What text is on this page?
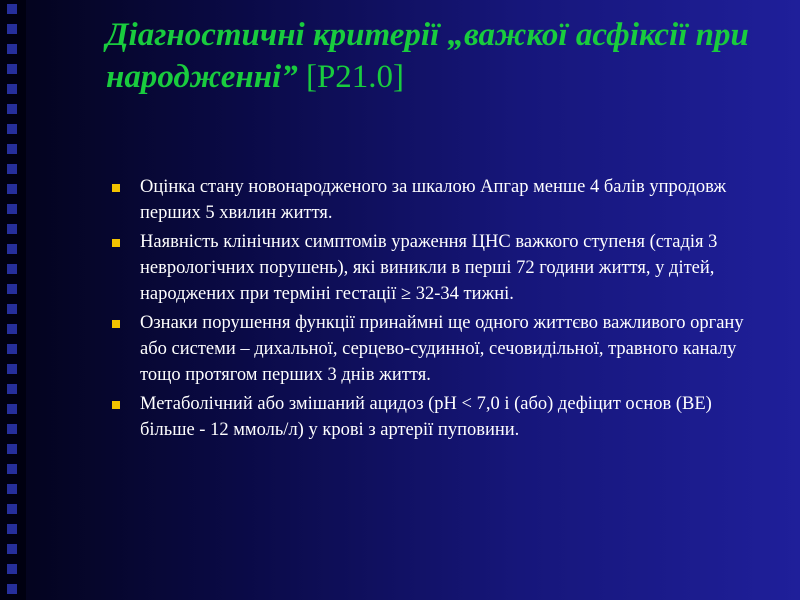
Діагностичні критерії „важкої асфіксії при народженні” [P21.0]
Оцінка стану новонародженого за шкалою Апгар менше 4 балів упродовж перших 5 хвилин життя.
Наявність клінічних симптомів ураження ЦНС важкого ступеня (стадія 3 неврологічних порушень), які виникли в перші 72 години життя, у дітей, народжених при терміні гестації ≥ 32-34 тижні.
Ознаки порушення функції принаймні ще одного життєво важливого органу або системи – дихальної, серцево-судинної, сечовидільної, травного каналу тощо протягом перших 3 днів життя.
Метаболічний або змішаний ацидоз (pH < 7,0 і (або) дефіцит основ (BE) більше - 12 ммоль/л) у крові з артерії пуповини.
